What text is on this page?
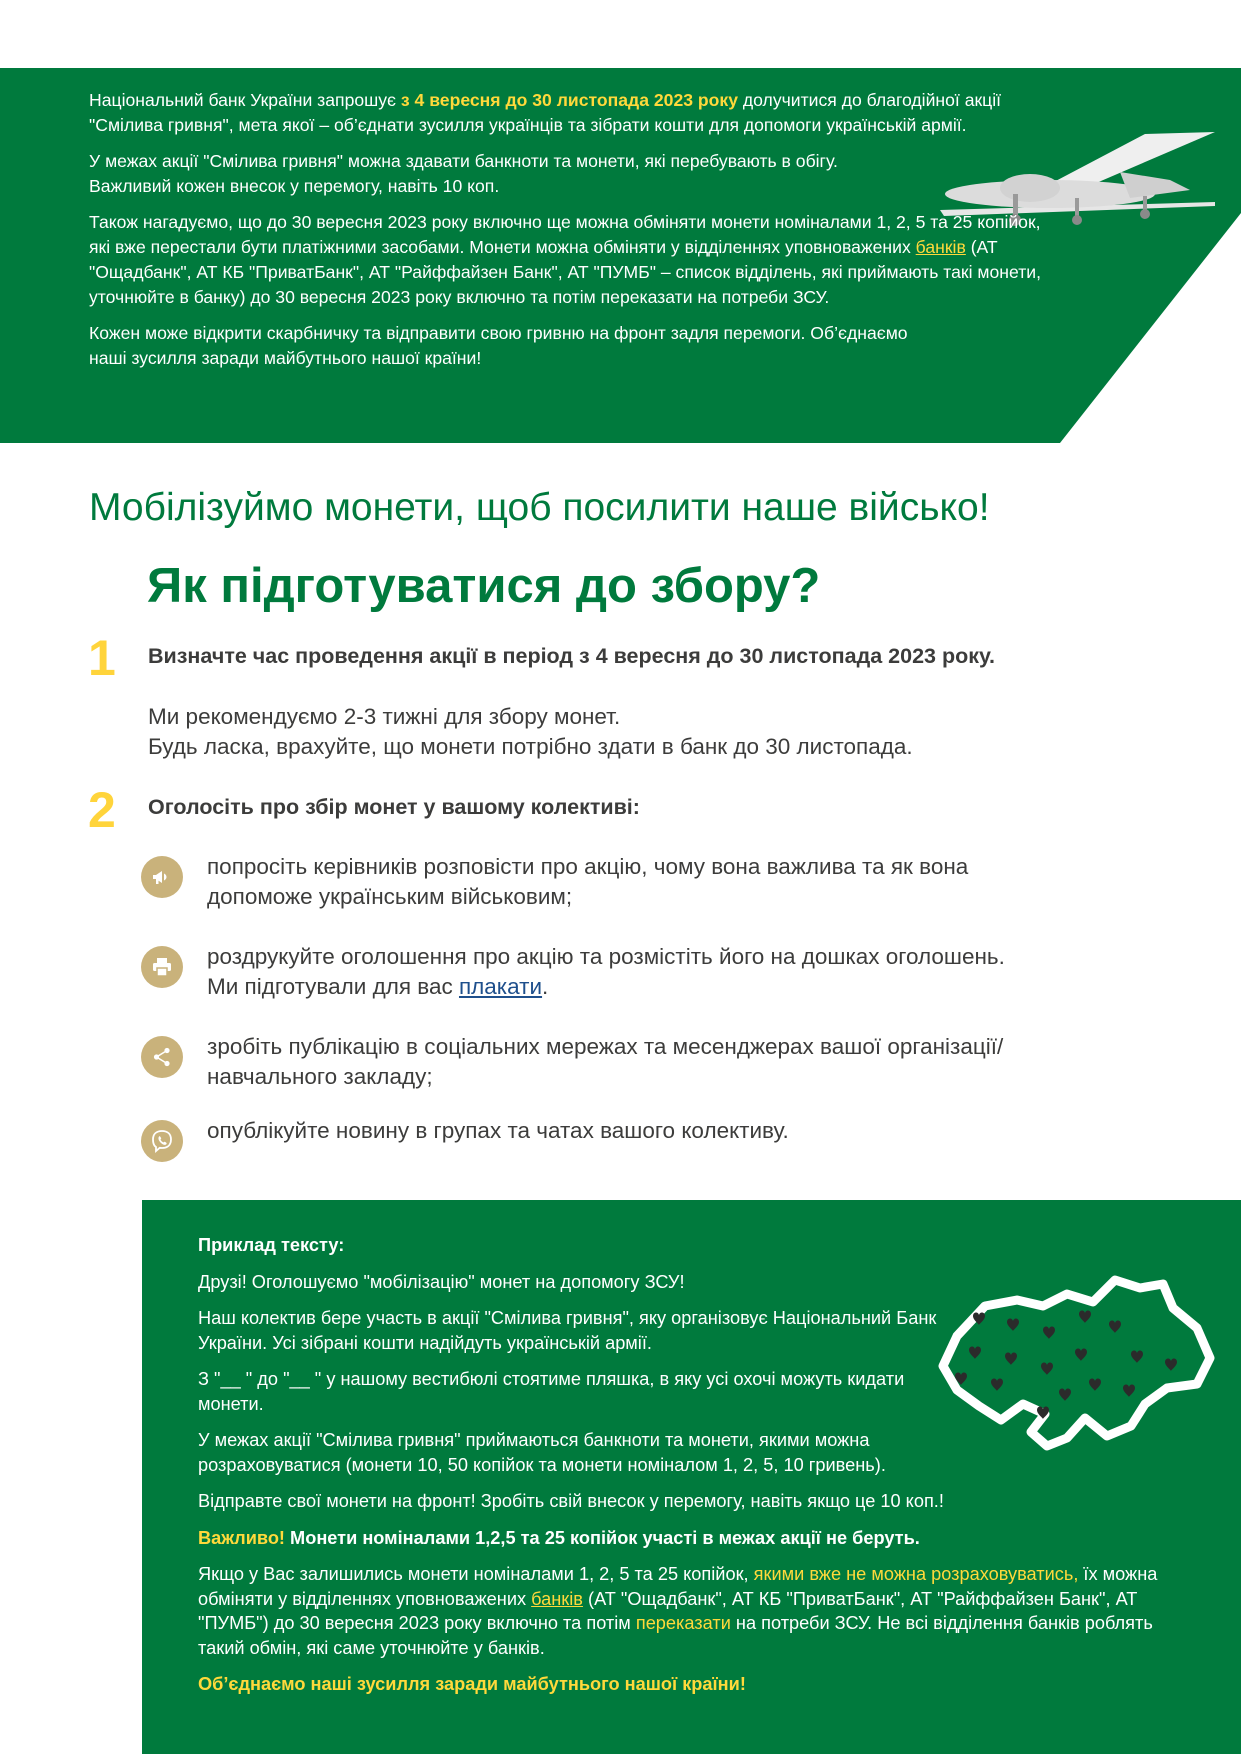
Національний банк України запрошує з 4 вересня до 30 листопада 2023 року долучитися до благодійної акції "Смілива гривня", мета якої – об’єднати зусилля українців та зібрати кошти для допомоги українській армії.

У межах акції "Смілива гривня" можна здавати банкноти та монети, які перебувають в обігу. Важливий кожен внесок у перемогу, навіть 10 коп.

Також нагадуємо, що до 30 вересня 2023 року включно ще можна обміняти монети номіналами 1, 2, 5 та 25 копійок, які вже перестали бути платіжними засобами. Монети можна обміняти у відділеннях уповноважених банків (АТ "Ощадбанк", АТ КБ "ПриватБанк", АТ "Райффайзен Банк", АТ "ПУМБ" – список відділень, які приймають такі монети, уточнюйте в банку) до 30 вересня 2023 року включно та потім переказати на потреби ЗСУ.

Кожен може відкрити скарбничку та відправити свою гривню на фронт задля перемоги. Об’єднаємо наші зусилля заради майбутнього нашої країни!

Мобілізуймо монети, щоб посилити наше військо!
Як підготуватися до збору?
1 Визначте час проведення акції в період з 4 вересня до 30 листопада 2023 року.

Ми рекомендуємо 2-3 тижні для збору монет.
Будь ласка, врахуйте, що монети потрібно здати в банк до 30 листопада.

2 Оголосіть про збір монет у вашому колективі:
попросіть керівників розповісти про акцію, чому вона важлива та як вона допоможе українським військовим;
роздрукуйте оголошення про акцію та розмістіть його на дошках оголошень. Ми підготували для вас плакати.
зробіть публікацію в соціальних мережах та месенджерах вашої організації/навчального закладу;
опублікуйте новину в групах та чатах вашого колективу.

Приклад тексту:

Друзі! Оголошуємо "мобілізацію" монет на допомогу ЗСУ!

Наш колектив бере участь в акції "Смілива гривня", яку організовує Національний Банк України. Усі зібрані кошти надійдуть українській армії.

З "__ " до "__ " у нашому вестибюлі стоятиме пляшка, в яку усі охочі можуть кидати монети.

У межах акції "Смілива гривня" приймаються банкноти та монети, якими можна розраховуватися (монети 10, 50 копійок та монети номіналом 1, 2, 5, 10 гривень).

Відправте свої монети на фронт! Зробіть свій внесок у перемогу, навіть якщо це 10 коп.!

Важливо! Монети номіналами 1,2,5 та 25 копійок участі в межах акції не беруть.

Якщо у Вас залишились монети номіналами 1, 2, 5 та 25 копійок, якими вже не можна розраховуватись, їх можна обміняти у відділеннях уповноважених банків (АТ "Ощадбанк", АТ КБ "ПриватБанк", АТ "Райффайзен Банк", АТ "ПУМБ") до 30 вересня 2023 року включно та потім переказати на потреби ЗСУ. Не всі відділення банків роблять такий обмін, які саме уточнюйте у банків.

Об’єднаємо наші зусилля заради майбутнього нашої країни!
